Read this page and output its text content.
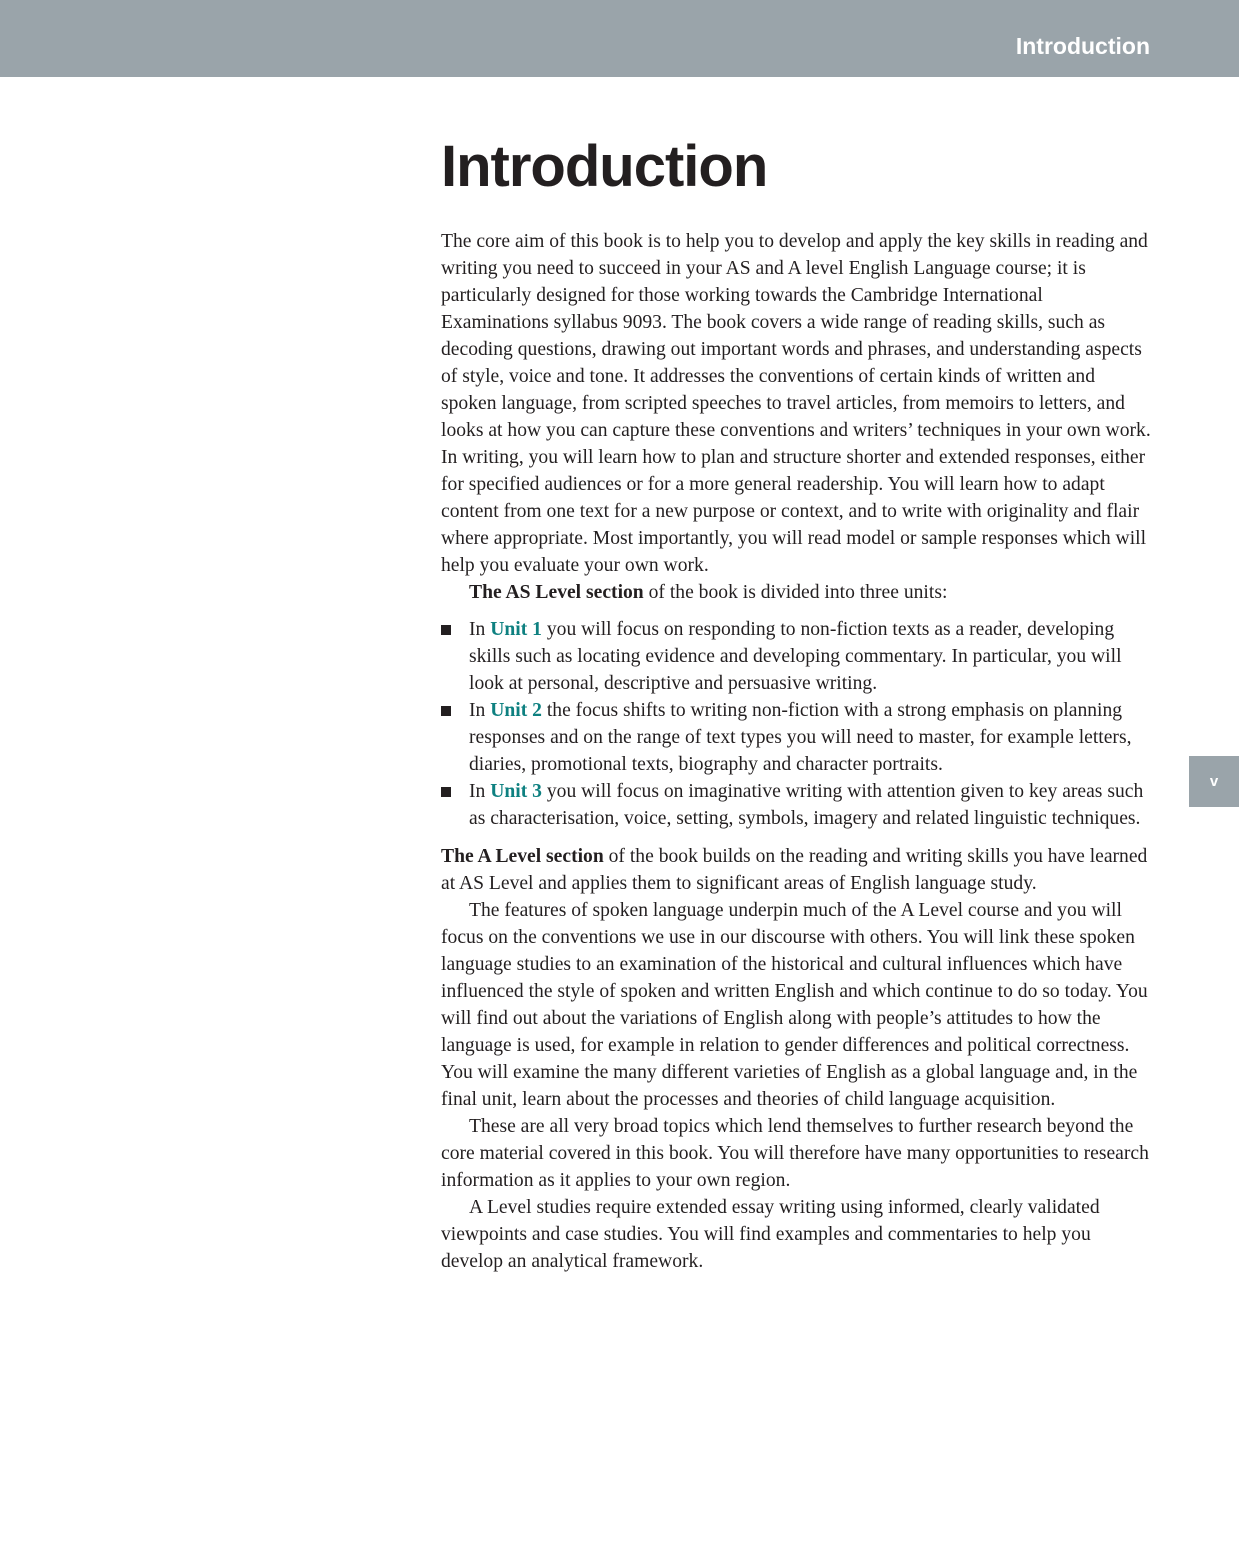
Introduction
v
Introduction

The core aim of this book is to help you to develop and apply the key skills in reading and writing you need to succeed in your AS and A level English Language course; it is particularly designed for those working towards the Cambridge International Examinations syllabus 9093. The book covers a wide range of reading skills, such as decoding questions, drawing out important words and phrases, and understanding aspects of style, voice and tone. It addresses the conventions of certain kinds of written and spoken language, from scripted speeches to travel articles, from memoirs to letters, and looks at how you can capture these conventions and writers’ techniques in your own work. In writing, you will learn how to plan and structure shorter and extended responses, either for specified audiences or for a more general readership. You will learn how to adapt content from one text for a new purpose or context, and to write with originality and flair where appropriate. Most importantly, you will read model or sample responses which will help you evaluate your own work.

The AS Level section of the book is divided into three units:

In Unit 1 you will focus on responding to non-fiction texts as a reader, developing skills such as locating evidence and developing commentary. In particular, you will look at personal, descriptive and persuasive writing.
In Unit 2 the focus shifts to writing non-fiction with a strong emphasis on planning responses and on the range of text types you will need to master, for example letters, diaries, promotional texts, biography and character portraits.
In Unit 3 you will focus on imaginative writing with attention given to key areas such as characterisation, voice, setting, symbols, imagery and related linguistic techniques.

The A Level section of the book builds on the reading and writing skills you have learned at AS Level and applies them to significant areas of English language study.

The features of spoken language underpin much of the A Level course and you will focus on the conventions we use in our discourse with others. You will link these spoken language studies to an examination of the historical and cultural influences which have influenced the style of spoken and written English and which continue to do so today. You will find out about the variations of English along with people’s attitudes to how the language is used, for example in relation to gender differences and political correctness. You will examine the many different varieties of English as a global language and, in the final unit, learn about the processes and theories of child language acquisition.

These are all very broad topics which lend themselves to further research beyond the core material covered in this book. You will therefore have many opportunities to research information as it applies to your own region.

A Level studies require extended essay writing using informed, clearly validated viewpoints and case studies. You will find examples and commentaries to help you develop an analytical framework.
